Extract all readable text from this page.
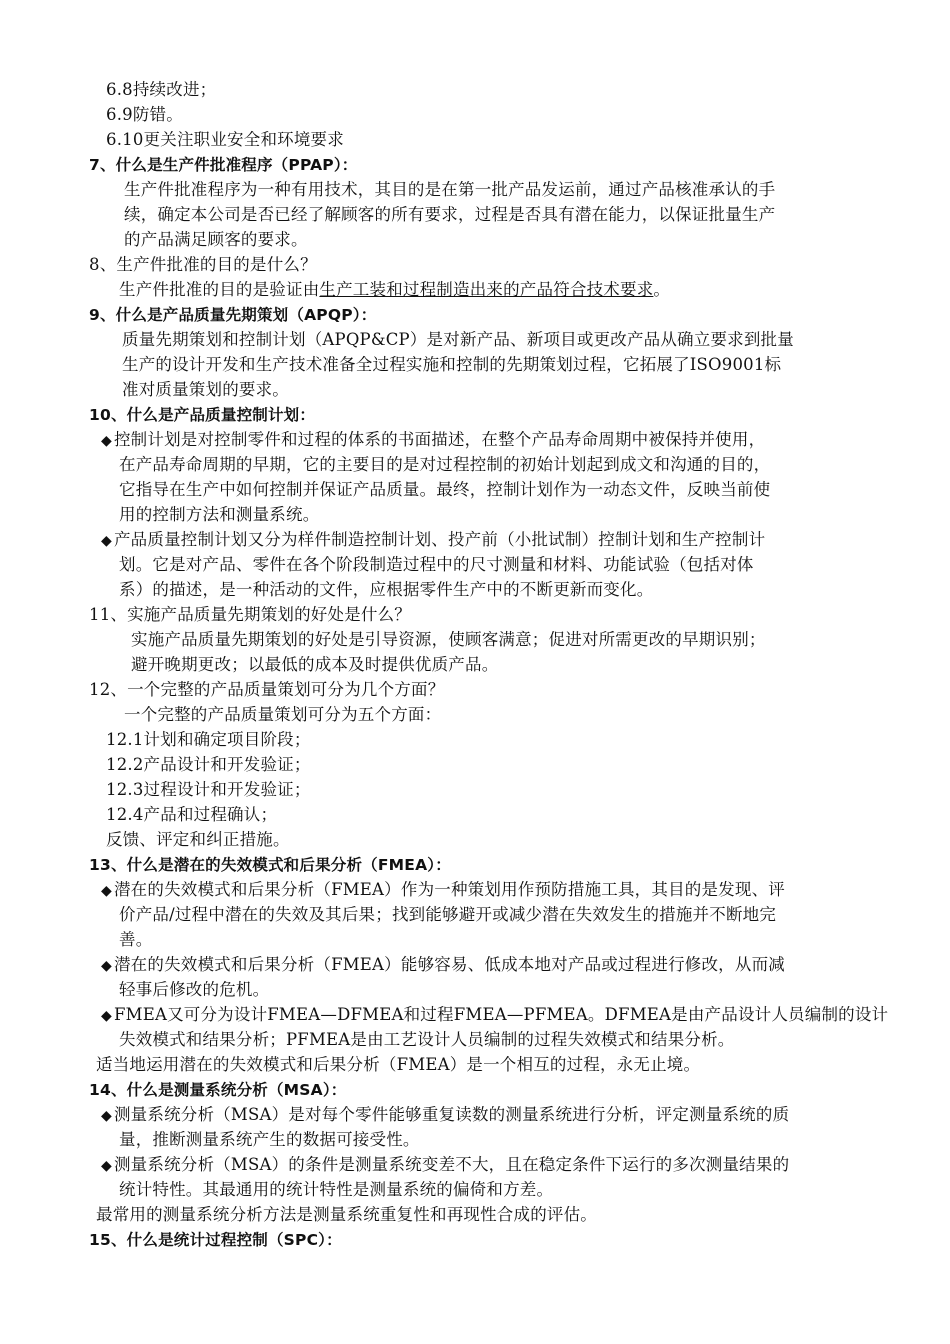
6.8持续改进；
6.9防错。
6.10更关注职业安全和环境要求
7、什么是生产件批准程序（PPAP）：
生产件批准程序为一种有用技术，其目的是在第一批产品发运前，通过产品核准承认的手
续，确定本公司是否已经了解顾客的所有要求，过程是否具有潜在能力，以保证批量生产
的产品满足顾客的要求。
8、生产件批准的目的是什么？
生产件批准的目的是验证由生产工装和过程制造出来的产品符合技术要求。
9、什么是产品质量先期策划（APQP）：
质量先期策划和控制计划（APQP&CP）是对新产品、新项目或更改产品从确立要求到批量
生产的设计开发和生产技术准备全过程实施和控制的先期策划过程，它拓展了ISO9001标
准对质量策划的要求。
10、什么是产品质量控制计划：
◆ 控制计划是对控制零件和过程的体系的书面描述，在整个产品寿命周期中被保持并使用，
在产品寿命周期的早期，它的主要目的是对过程控制的初始计划起到成文和沟通的目的，
它指导在生产中如何控制并保证产品质量。最终，控制计划作为一动态文件，反映当前使
用的控制方法和测量系统。
◆ 产品质量控制计划又分为样件制造控制计划、投产前（小批试制）控制计划和生产控制计
划。它是对产品、零件在各个阶段制造过程中的尺寸测量和材料、功能试验（包括对体
系）的描述，是一种活动的文件，应根据零件生产中的不断更新而变化。
11、实施产品质量先期策划的好处是什么？
实施产品质量先期策划的好处是引导资源，使顾客满意；促进对所需更改的早期识别；
避开晚期更改；以最低的成本及时提供优质产品。
12、一个完整的产品质量策划可分为几个方面？
一个完整的产品质量策划可分为五个方面：
12.1计划和确定项目阶段；
12.2产品设计和开发验证；
12.3过程设计和开发验证；
12.4产品和过程确认；
反馈、评定和纠正措施。
13、什么是潜在的失效模式和后果分析（FMEA）：
◆ 潜在的失效模式和后果分析（FMEA）作为一种策划用作预防措施工具，其目的是发现、评
价产品/过程中潜在的失效及其后果；找到能够避开或减少潜在失效发生的措施并不断地完
善。
◆ 潜在的失效模式和后果分析（FMEA）能够容易、低成本地对产品或过程进行修改，从而减
轻事后修改的危机。
◆ FMEA又可分为设计FMEA—DFMEA和过程FMEA—PFMEA。DFMEA是由产品设计人员编制的设计
失效模式和结果分析；PFMEA是由工艺设计人员编制的过程失效模式和结果分析。
适当地运用潜在的失效模式和后果分析（FMEA）是一个相互的过程，永无止境。
14、什么是测量系统分析（MSA）：
◆ 测量系统分析（MSA）是对每个零件能够重复读数的测量系统进行分析，评定测量系统的质
量，推断测量系统产生的数据可接受性。
◆ 测量系统分析（MSA）的条件是测量系统变差不大，且在稳定条件下运行的多次测量结果的
统计特性。其最通用的统计特性是测量系统的偏倚和方差。
最常用的测量系统分析方法是测量系统重复性和再现性合成的评估。
15、什么是统计过程控制（SPC）：
